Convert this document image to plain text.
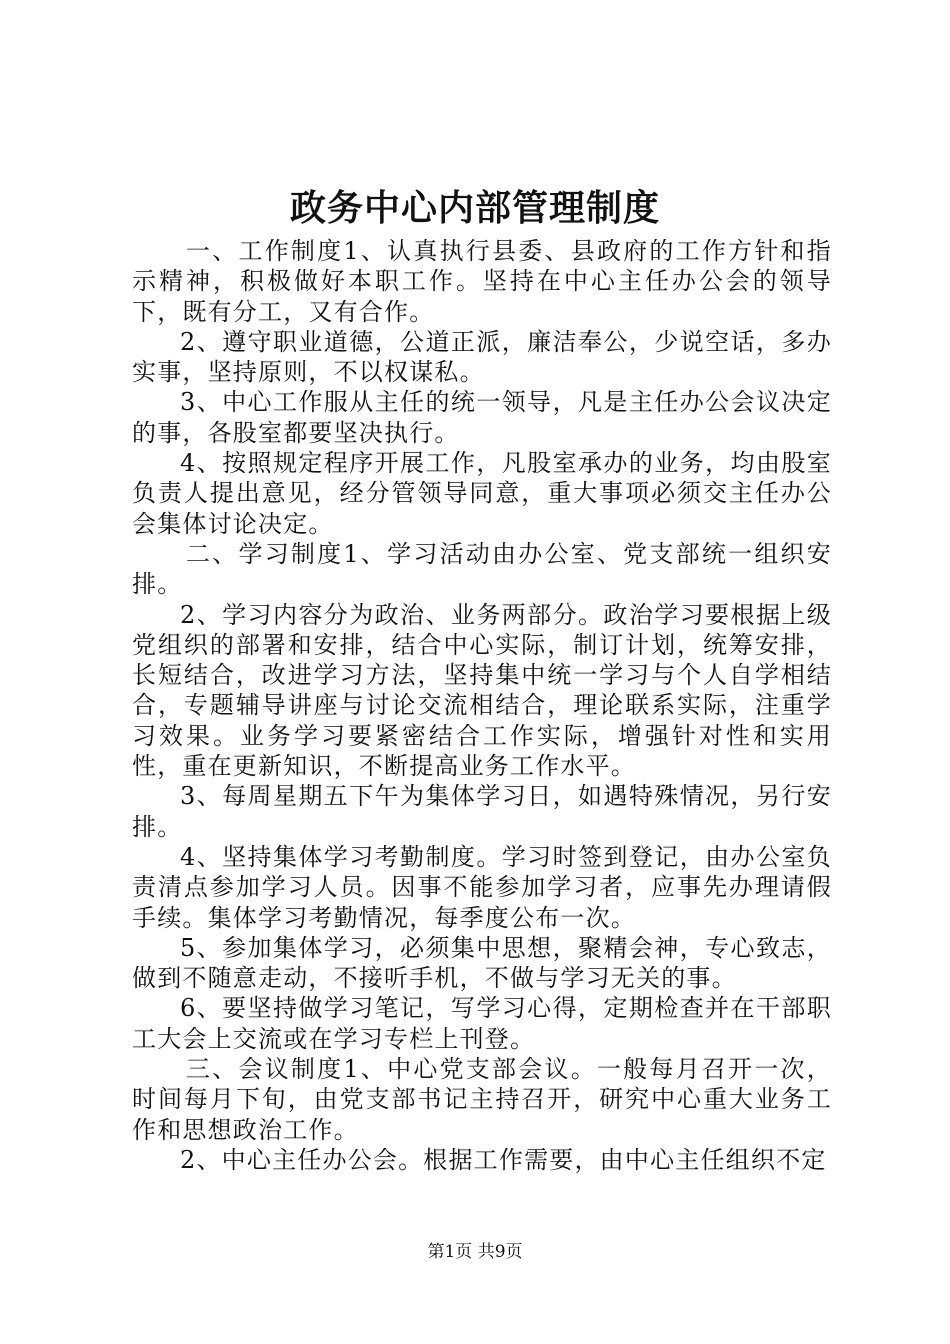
政务中心内部管理制度

一、工作制度1、认真执行县委、县政府的工作方针和指示精神，积极做好本职工作。坚持在中心主任办公会的领导下，既有分工，又有合作。

2、遵守职业道德，公道正派，廉洁奉公，少说空话，多办实事，坚持原则，不以权谋私。

3、中心工作服从主任的统一领导，凡是主任办公会议决定的事，各股室都要坚决执行。

4、按照规定程序开展工作，凡股室承办的业务，均由股室负责人提出意见，经分管领导同意，重大事项必须交主任办公会集体讨论决定。

二、学习制度1、学习活动由办公室、党支部统一组织安排。

2、学习内容分为政治、业务两部分。政治学习要根据上级党组织的部署和安排，结合中心实际，制订计划，统筹安排，长短结合，改进学习方法，坚持集中统一学习与个人自学相结合，专题辅导讲座与讨论交流相结合，理论联系实际，注重学习效果。业务学习要紧密结合工作实际，增强针对性和实用性，重在更新知识，不断提高业务工作水平。

3、每周星期五下午为集体学习日，如遇特殊情况，另行安排。

4、坚持集体学习考勤制度。学习时签到登记，由办公室负责清点参加学习人员。因事不能参加学习者，应事先办理请假手续。集体学习考勤情况，每季度公布一次。

5、参加集体学习，必须集中思想，聚精会神，专心致志，做到不随意走动，不接听手机，不做与学习无关的事。

6、要坚持做学习笔记，写学习心得，定期检查并在干部职工大会上交流或在学习专栏上刊登。

三、会议制度1、中心党支部会议。一般每月召开一次，时间每月下旬，由党支部书记主持召开，研究中心重大业务工作和思想政治工作。

2、中心主任办公会。根据工作需要，由中心主任组织不定

第1页 共9页
